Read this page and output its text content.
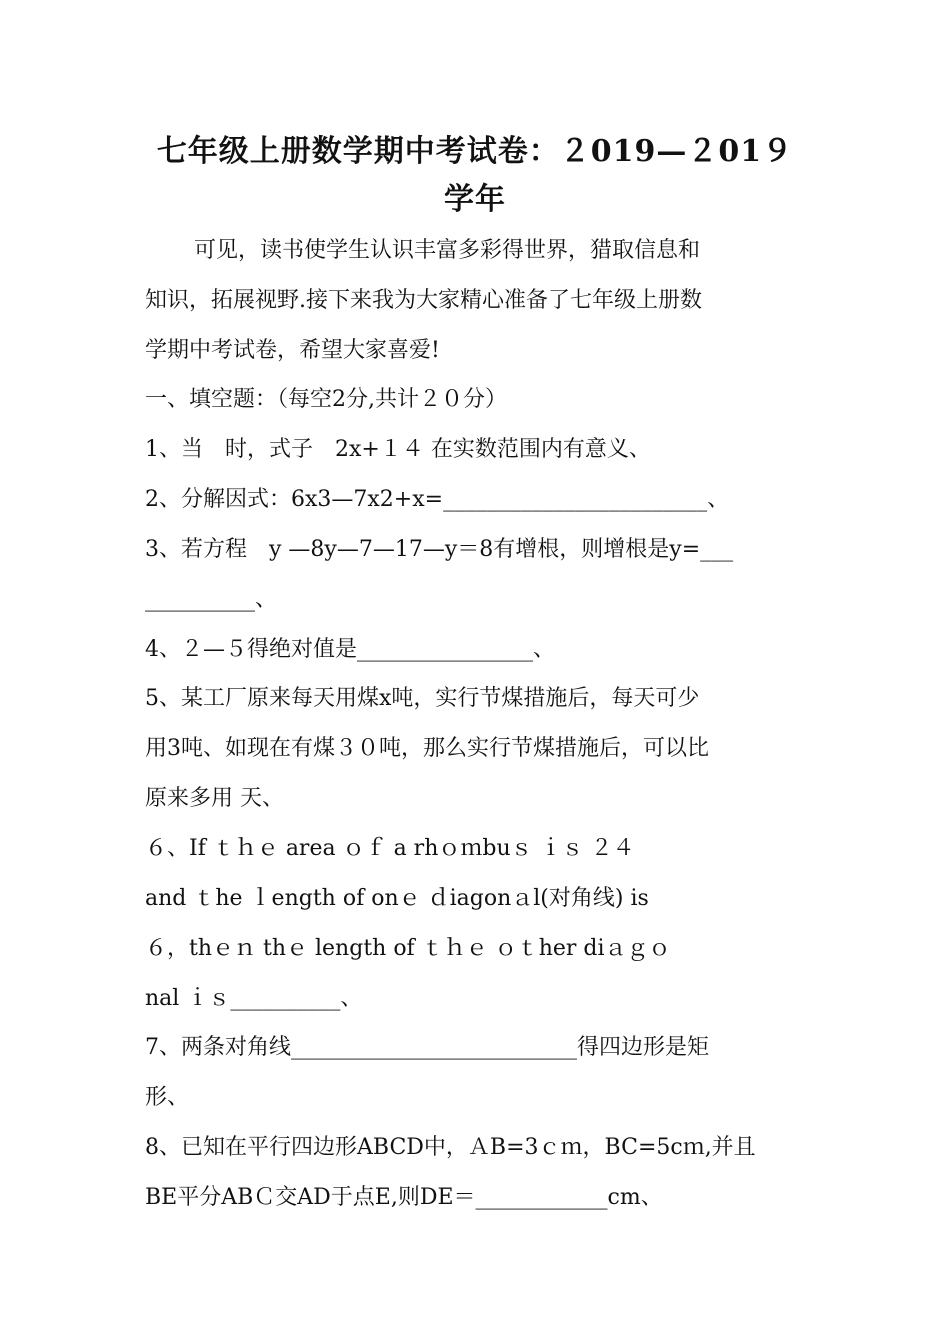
七年级上册数学期中考试卷：２019—２01９
学年
可见，读书使学生认识丰富多彩得世界，猎取信息和
知识，拓展视野.接下来我为大家精心准备了七年级上册数
学期中考试卷，希望大家喜爱!
一、填空题：（每空2分,共计２０分）
1、当　时，式子　2x+１４ 在实数范围内有意义、
2、分解因式：6x3—7x2+x=________________________、
3、若方程　y —8y—7—17—y＝8有增根，则增根是y=___
__________、
4、２—５得绝对值是________________、
5、某工厂原来每天用煤x吨，实行节煤措施后，每天可少
用3吨、如现在有煤３０吨，那么实行节煤措施后，可以比
原来多用 天、
６、If ｔｈｅ area ｏｆ a rhｏｍbuｓ ｉｓ ２４
and ｔhe ｌength of onｅ ｄiagonａl(对角线) is
６，thｅｎ thｅ length of ｔｈｅ ｏｔher diａｇｏ
nal ｉｓ__________、
7、两条对角线__________________________得四边形是矩
形、
8、已知在平行四边形ABCD中，ＡB=3ｃｍ，BC=5cｍ,并且
BE平分ABＣ交AD于点E,则DE＝____________cm、
